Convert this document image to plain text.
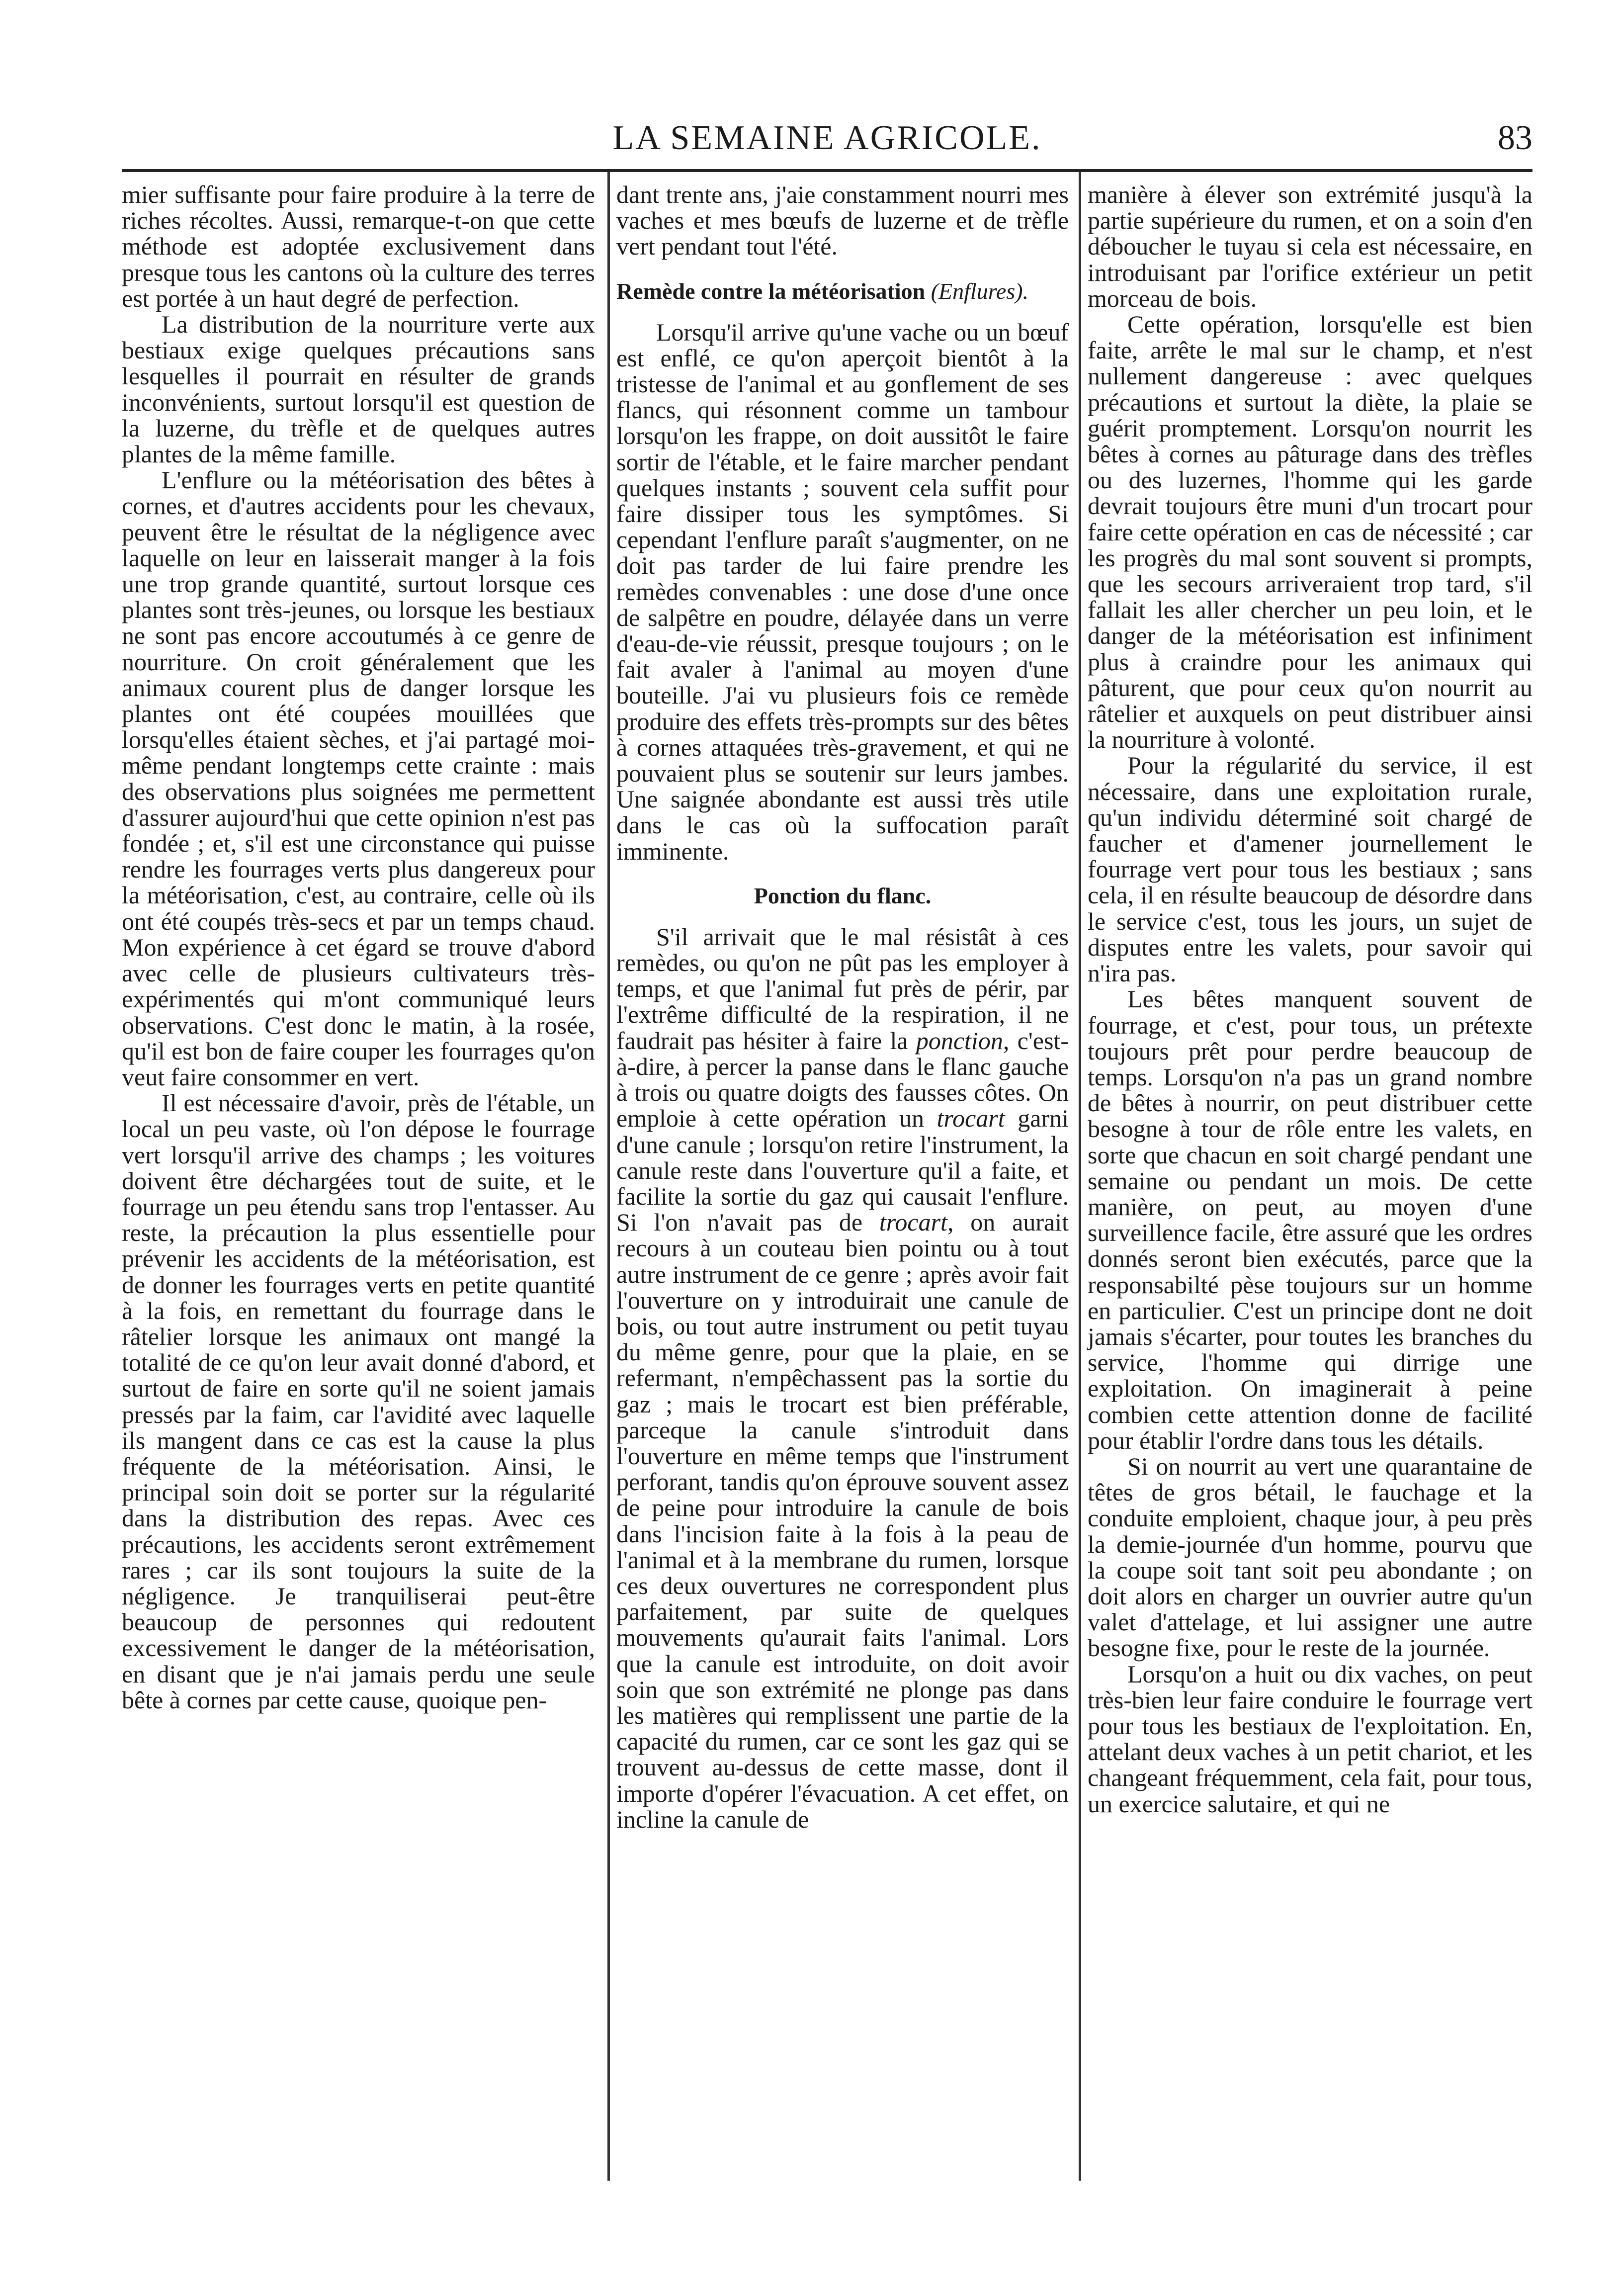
LA SEMAINE AGRICOLE.	83

mier suffisante pour faire produire à la terre de riches récoltes. Aussi, remarque-t-on que cette méthode est adoptée exclusivement dans presque tous les cantons où la culture des terres est portée à un haut degré de perfection.

La distribution de la nourriture verte aux bestiaux exige quelques précautions sans lesquelles il pourrait en résulter de grands inconvénients, surtout lorsqu'il est question de la luzerne, du trèfle et de quelques autres plantes de la même famille.

L'enflure ou la météorisation des bêtes à cornes, et d'autres accidents pour les chevaux, peuvent être le résultat de la négligence avec laquelle on leur en laisserait manger à la fois une trop grande quantité, surtout lorsque ces plantes sont très-jeunes, ou lorsque les bestiaux ne sont pas encore accoutumés à ce genre de nourriture. On croit généralement que les animaux courent plus de danger lorsque les plantes ont été coupées mouillées que lorsqu'elles étaient sèches, et j'ai partagé moi-même pendant longtemps cette crainte : mais des observations plus soignées me permettent d'assurer aujourd'hui que cette opinion n'est pas fondée ; et, s'il est une circonstance qui puisse rendre les fourrages verts plus dangereux pour la météorisation, c'est, au contraire, celle où ils ont été coupés très-secs et par un temps chaud. Mon expérience à cet égard se trouve d'abord avec celle de plusieurs cultivateurs très-expérimentés qui m'ont communiqué leurs observations. C'est donc le matin, à la rosée, qu'il est bon de faire couper les fourrages qu'on veut faire consommer en vert.

Il est nécessaire d'avoir, près de l'étable, un local un peu vaste, où l'on dépose le fourrage vert lorsqu'il arrive des champs ; les voitures doivent être déchargées tout de suite, et le fourrage un peu étendu sans trop l'entasser. Au reste, la précaution la plus essentielle pour prévenir les accidents de la météorisation, est de donner les fourrages verts en petite quantité à la fois, en remettant du fourrage dans le râtelier lorsque les animaux ont mangé la totalité de ce qu'on leur avait donné d'abord, et surtout de faire en sorte qu'il ne soient jamais pressés par la faim, car l'avidité avec laquelle ils mangent dans ce cas est la cause la plus fréquente de la météorisation. Ainsi, le principal soin doit se porter sur la régularité dans la distribution des repas. Avec ces précautions, les accidents seront extrêmement rares ; car ils sont toujours la suite de la négligence. Je tranquiliserai peut-être beaucoup de personnes qui redoutent excessivement le danger de la météorisation, en disant que je n'ai jamais perdu une seule bête à cornes par cette cause, quoique pen-

dant trente ans, j'aie constamment nourri mes vaches et mes bœufs de luzerne et de trèfle vert pendant tout l'été.

Remède contre la météorisation (Enflures).

Lorsqu'il arrive qu'une vache ou un bœuf est enflé, ce qu'on aperçoit bientôt à la tristesse de l'animal et au gonflement de ses flancs, qui résonnent comme un tambour lorsqu'on les frappe, on doit aussitôt le faire sortir de l'étable, et le faire marcher pendant quelques instants ; souvent cela suffit pour faire dissiper tous les symptômes. Si cependant l'enflure paraît s'augmenter, on ne doit pas tarder de lui faire prendre les remèdes convenables : une dose d'une once de salpêtre en poudre, délayée dans un verre d'eau-de-vie réussit, presque toujours ; on le fait avaler à l'animal au moyen d'une bouteille. J'ai vu plusieurs fois ce remède produire des effets très-prompts sur des bêtes à cornes attaquées très-gravement, et qui ne pouvaient plus se soutenir sur leurs jambes. Une saignée abondante est aussi très utile dans le cas où la suffocation paraît imminente.

Ponction du flanc.

S'il arrivait que le mal résistât à ces remèdes, ou qu'on ne pût pas les employer à temps, et que l'animal fut près de périr, par l'extrême difficulté de la respiration, il ne faudrait pas hésiter à faire la ponction, c'est-à-dire, à percer la panse dans le flanc gauche à trois ou quatre doigts des fausses côtes. On emploie à cette opération un trocart garni d'une canule ; lorsqu'on retire l'instrument, la canule reste dans l'ouverture qu'il a faite, et facilite la sortie du gaz qui causait l'enflure. Si l'on n'avait pas de trocart, on aurait recours à un couteau bien pointu ou à tout autre instrument de ce genre ; après avoir fait l'ouverture on y introduirait une canule de bois, ou tout autre instrument ou petit tuyau du même genre, pour que la plaie, en se refermant, n'empêchassent pas la sortie du gaz ; mais le trocart est bien préférable, parceque la canule s'introduit dans l'ouverture en même temps que l'instrument perforant, tandis qu'on éprouve souvent assez de peine pour introduire la canule de bois dans l'incision faite à la fois à la peau de l'animal et à la membrane du rumen, lorsque ces deux ouvertures ne correspondent plus parfaitement, par suite de quelques mouvements qu'aurait faits l'animal. Lors que la canule est introduite, on doit avoir soin que son extrémité ne plonge pas dans les matières qui remplissent une partie de la capacité du rumen, car ce sont les gaz qui se trouvent au-dessus de cette masse, dont il importe d'opérer l'évacuation. A cet effet, on incline la canule de

manière à élever son extrémité jusqu'à la partie supérieure du rumen, et on a soin d'en déboucher le tuyau si cela est nécessaire, en introduisant par l'orifice extérieur un petit morceau de bois.

Cette opération, lorsqu'elle est bien faite, arrête le mal sur le champ, et n'est nullement dangereuse : avec quelques précautions et surtout la diète, la plaie se guérit promptement. Lorsqu'on nourrit les bêtes à cornes au pâturage dans des trèfles ou des luzernes, l'homme qui les garde devrait toujours être muni d'un trocart pour faire cette opération en cas de nécessité ; car les progrès du mal sont souvent si prompts, que les secours arriveraient trop tard, s'il fallait les aller chercher un peu loin, et le danger de la météorisation est infiniment plus à craindre pour les animaux qui pâturent, que pour ceux qu'on nourrit au râtelier et auxquels on peut distribuer ainsi la nourriture à volonté.

Pour la régularité du service, il est nécessaire, dans une exploitation rurale, qu'un individu déterminé soit chargé de faucher et d'amener journellement le fourrage vert pour tous les bestiaux ; sans cela, il en résulte beaucoup de désordre dans le service c'est, tous les jours, un sujet de disputes entre les valets, pour savoir qui n'ira pas.

Les bêtes manquent souvent de fourrage, et c'est, pour tous, un prétexte toujours prêt pour perdre beaucoup de temps. Lorsqu'on n'a pas un grand nombre de bêtes à nourrir, on peut distribuer cette besogne à tour de rôle entre les valets, en sorte que chacun en soit chargé pendant une semaine ou pendant un mois. De cette manière, on peut, au moyen d'une surveillence facile, être assuré que les ordres donnés seront bien exécutés, parce que la responsabilté pèse toujours sur un homme en particulier. C'est un principe dont ne doit jamais s'écarter, pour toutes les branches du service, l'homme qui dirrige une exploitation. On imaginerait à peine combien cette attention donne de facilité pour établir l'ordre dans tous les détails.

Si on nourrit au vert une quarantaine de têtes de gros bétail, le fauchage et la conduite emploient, chaque jour, à peu près la demie-journée d'un homme, pourvu que la coupe soit tant soit peu abondante ; on doit alors en charger un ouvrier autre qu'un valet d'attelage, et lui assigner une autre besogne fixe, pour le reste de la journée.

Lorsqu'on a huit ou dix vaches, on peut très-bien leur faire conduire le fourrage vert pour tous les bestiaux de l'exploitation. En, attelant deux vaches à un petit chariot, et les changeant fréquemment, cela fait, pour tous, un exercice salutaire, et qui ne
